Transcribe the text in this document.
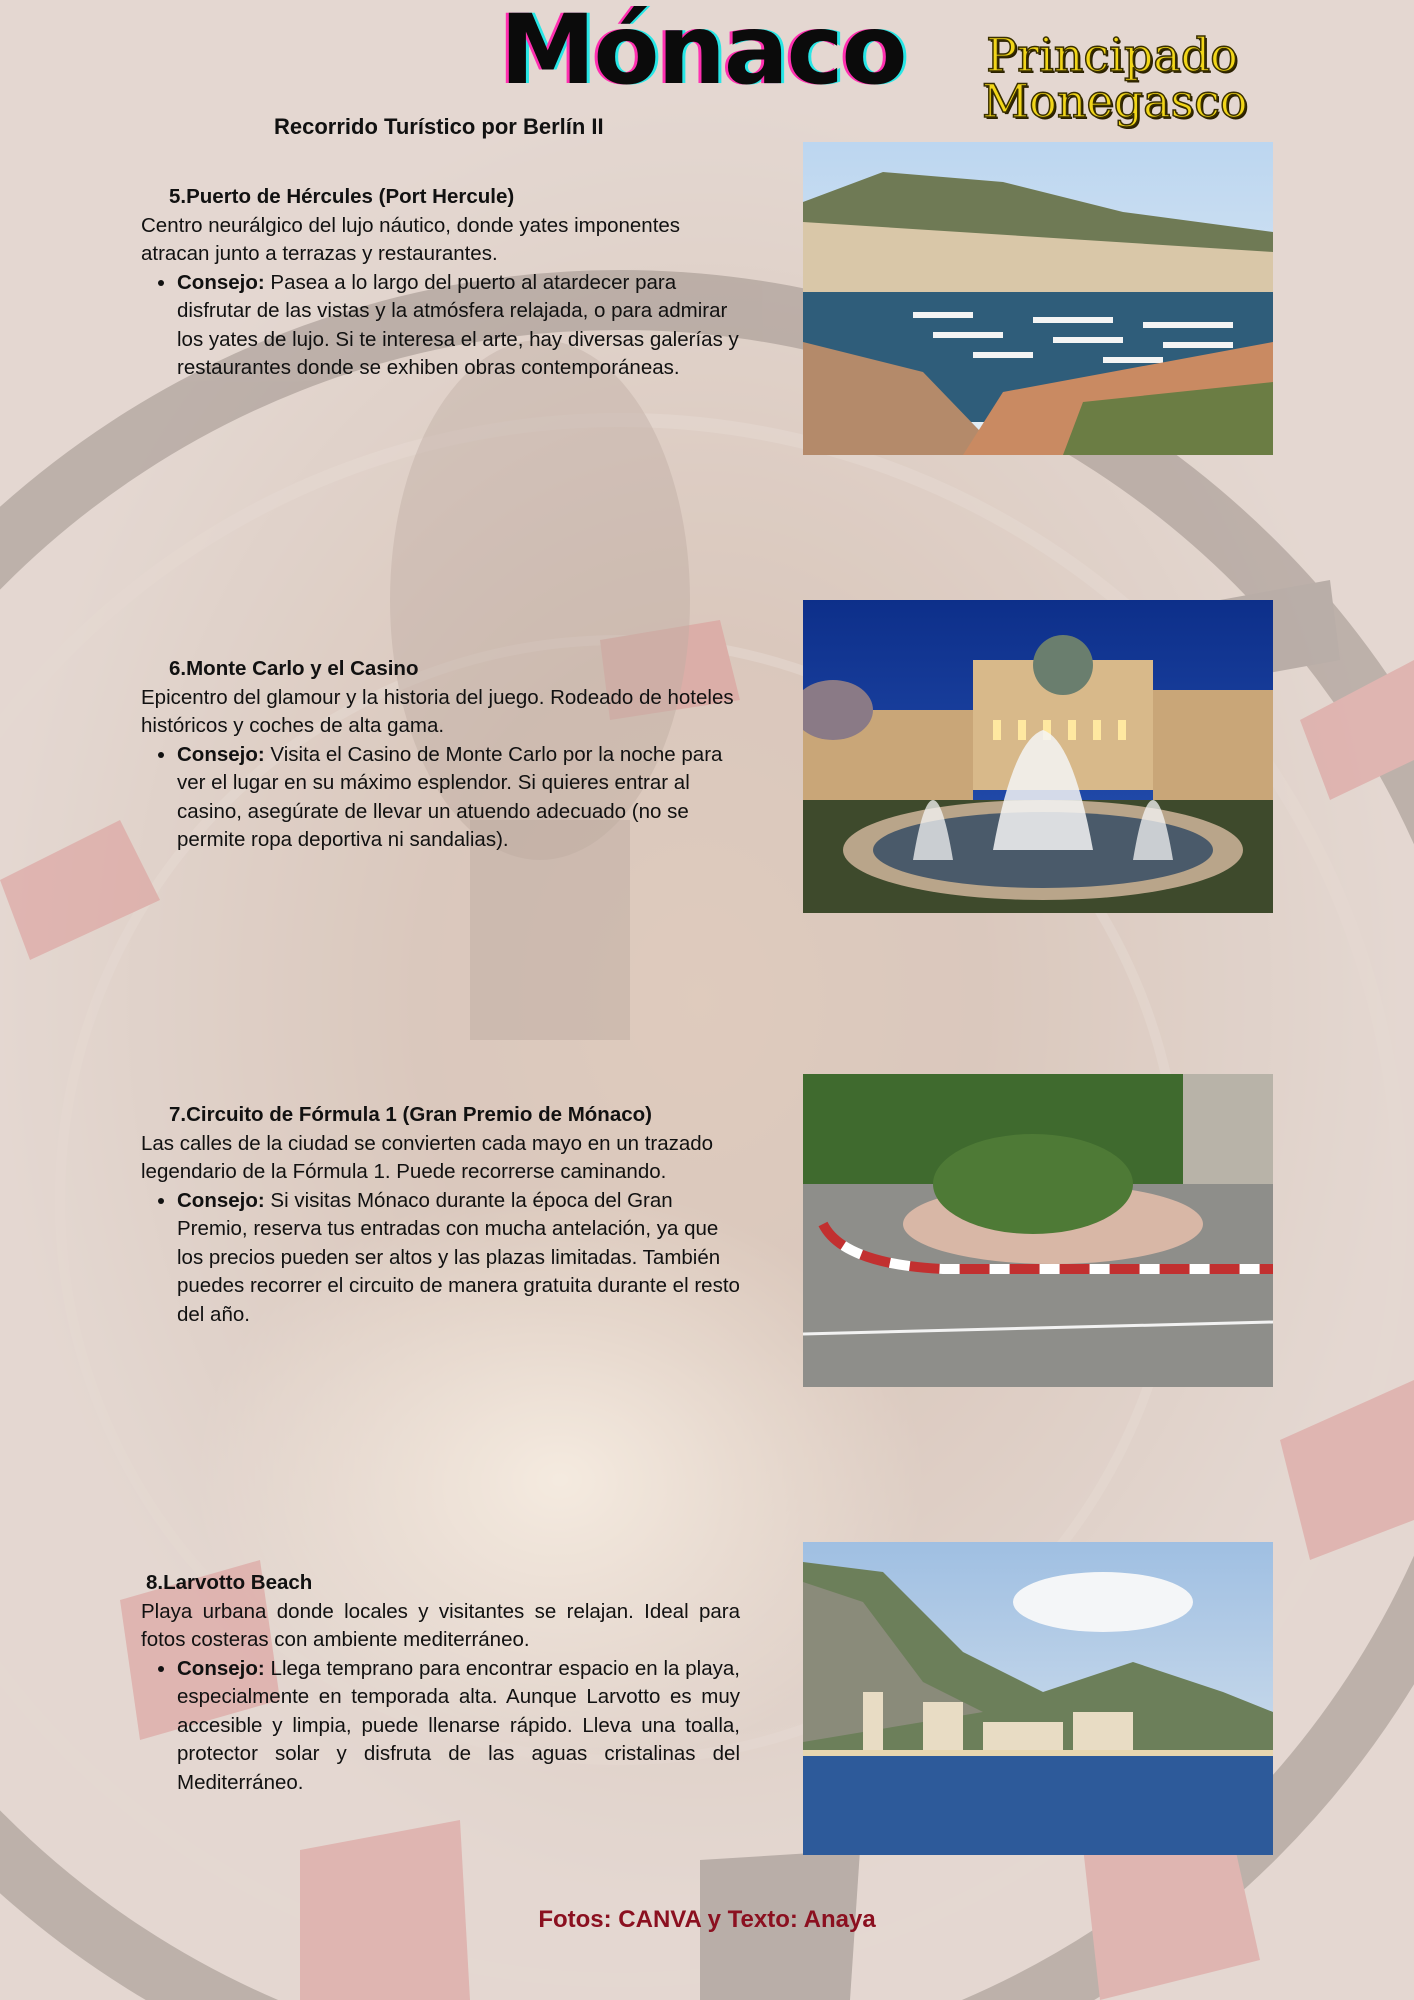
Mónaco Principado
Monegasco
Recorrido Turístico por Berlín II
5.Puerto de Hércules (Port Hercule)

Centro neurálgico del lujo náutico, donde yates imponentes atracan junto a terrazas y restaurantes.

• Consejo: Pasea a lo largo del puerto al atardecer para disfrutar de las vistas y la atmósfera relajada, o para admirar los yates de lujo. Si te interesa el arte, hay diversas galerías y restaurantes donde se exhiben obras contemporáneas.
6.Monte Carlo y el Casino

Epicentro del glamour y la historia del juego. Rodeado de hoteles históricos y coches de alta gama.

• Consejo: Visita el Casino de Monte Carlo por la noche para ver el lugar en su máximo esplendor. Si quieres entrar al casino, asegúrate de llevar un atuendo adecuado (no se permite ropa deportiva ni sandalias).
7.Circuito de Fórmula 1 (Gran Premio de Mónaco)

Las calles de la ciudad se convierten cada mayo en un trazado legendario de la Fórmula 1. Puede recorrerse caminando.

• Consejo: Si visitas Mónaco durante la época del Gran Premio, reserva tus entradas con mucha antelación, ya que los precios pueden ser altos y las plazas limitadas. También puedes recorrer el circuito de manera gratuita durante el resto del año.
8.Larvotto Beach

Playa urbana donde locales y visitantes se relajan. Ideal para fotos costeras con ambiente mediterráneo.

• Consejo: Llega temprano para encontrar espacio en la playa, especialmente en temporada alta. Aunque Larvotto es muy accesible y limpia, puede llenarse rápido. Lleva una toalla, protector solar y disfruta de las aguas cristalinas del Mediterráneo.
Fotos: CANVA y Texto: Anaya
